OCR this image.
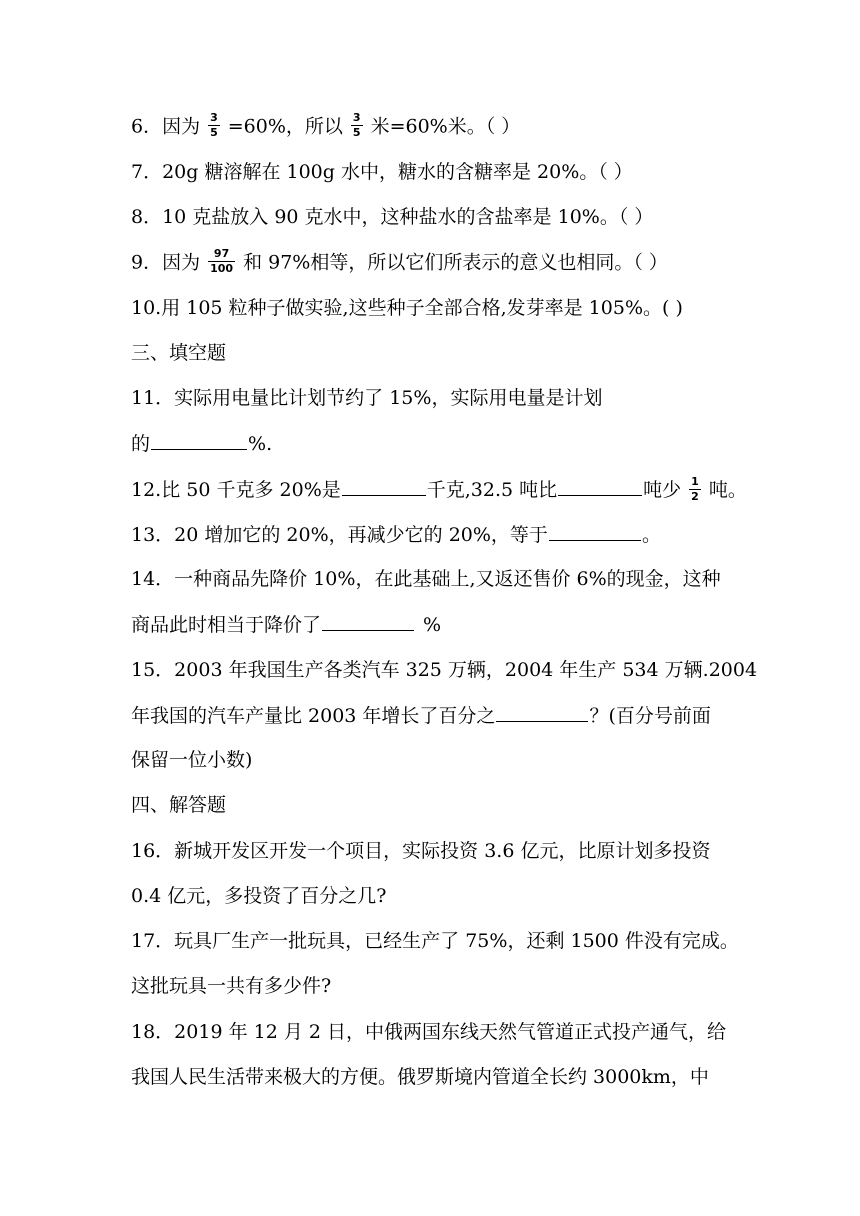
6．因为 $\frac{3}{5} =60\%$，所以 $\frac{3}{5}$ 米=60%米。（ ）
7．20g 糖溶解在 100g 水中，糖水的含糖率是 20%。（ ）
8．10 克盐放入 90 克水中，这种盐水的含盐率是 10%。（ ）
9．因为 $\frac{97}{100}$ 和 97%相等，所以它们所表示的意义也相同。（ ）
10.用 105 粒种子做实验,这些种子全部合格,发芽率是 105%。( )
三、填空题
11．实际用电量比计划节约了 15%，实际用电量是计划
的	%.
12.比 50 千克多 20%是	千克,32.5 吨比	吨少 $\frac{1}{2}$ 吨。
13．20 增加它的 20%，再减少它的 20%，等于	。
14．一种商品先降价 10%，在此基础上,又返还售价 6%的现金，这种
商品此时相当于降价了	%
15．2003 年我国生产各类汽车 325 万辆，2004 年生产 534 万辆.2004
年我国的汽车产量比 2003 年增长了百分之	？(百分号前面
保留一位小数)
四、解答题
16．新城开发区开发一个项目，实际投资 3.6 亿元，比原计划多投资
0.4 亿元，多投资了百分之几?
17．玩具厂生产一批玩具，已经生产了 75%，还剩 1500 件没有完成。
这批玩具一共有多少件?
18．2019 年 12 月 2 日，中俄两国东线天然气管道正式投产通气，给
我国人民生活带来极大的方便。俄罗斯境内管道全长约 3000km，中
